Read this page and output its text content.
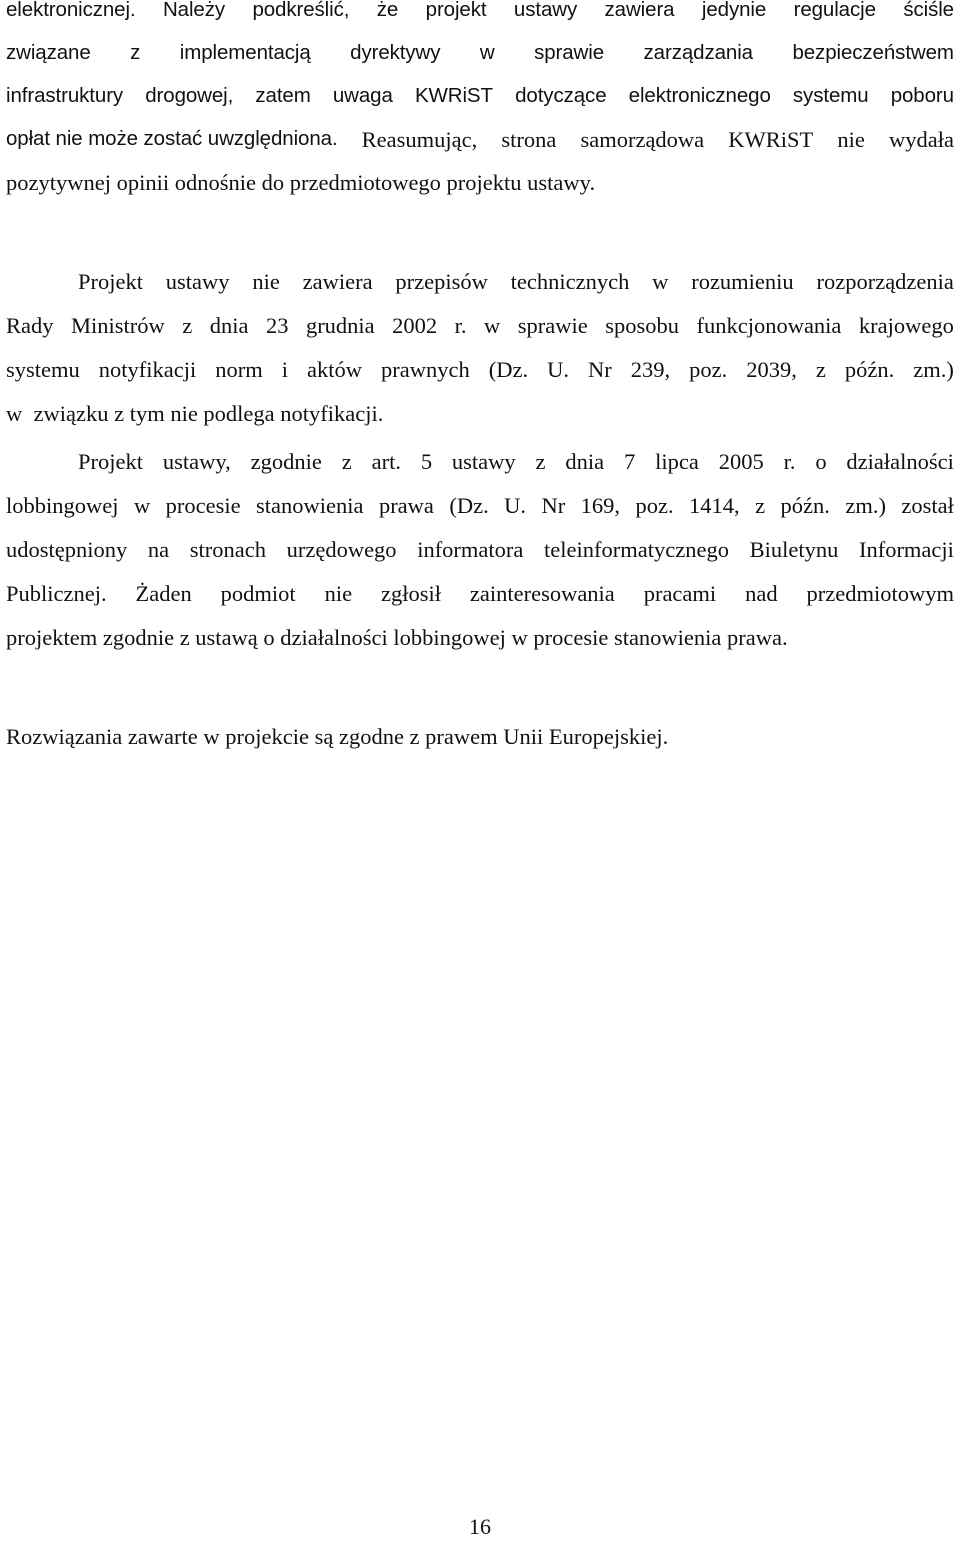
elektronicznej. Należy podkreślić, że projekt ustawy zawiera jedynie regulacje ściśle
związane z implementacją dyrektywy w sprawie zarządzania bezpieczeństwem
infrastruktury drogowej, zatem uwaga KWRiST dotyczące elektronicznego systemu poboru
opłat nie może zostać uwzględniona. Reasumując, strona samorządowa KWRiST nie wydała
pozytywnej opinii odnośnie do przedmiotowego projektu ustawy.
Projekt ustawy nie zawiera przepisów technicznych w rozumieniu rozporządzenia
Rady Ministrów z dnia 23 grudnia 2002 r. w sprawie sposobu funkcjonowania krajowego
systemu notyfikacji norm i aktów prawnych (Dz. U. Nr 239, poz. 2039, z późn. zm.)
w  związku z tym nie podlega notyfikacji.
Projekt ustawy, zgodnie z art. 5 ustawy z dnia 7 lipca 2005 r. o działalności
lobbingowej w procesie stanowienia prawa (Dz. U. Nr 169, poz. 1414, z późn. zm.) został
udostępniony na stronach urzędowego informatora teleinformatycznego Biuletynu Informacji
Publicznej. Żaden podmiot nie zgłosił zainteresowania pracami nad przedmiotowym
projektem zgodnie z ustawą o działalności lobbingowej w procesie stanowienia prawa.
Rozwiązania zawarte w projekcie są zgodne z prawem Unii Europejskiej.
16
